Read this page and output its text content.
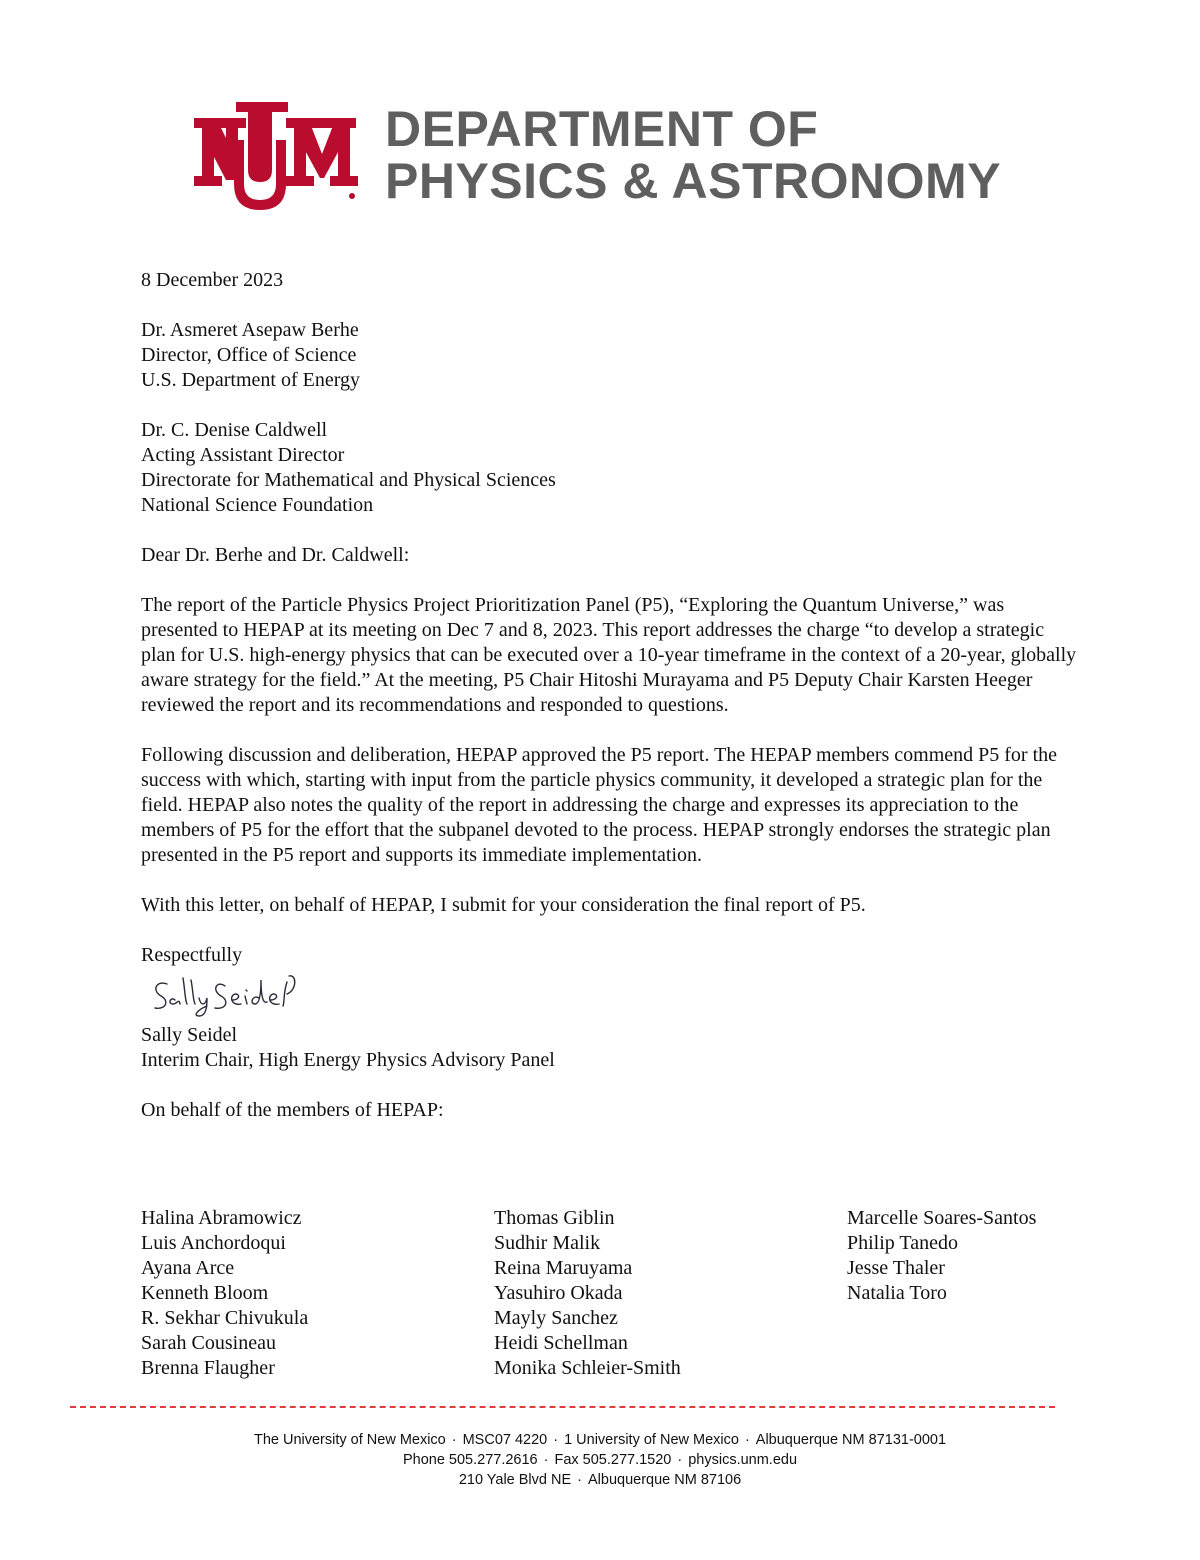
DEPARTMENT OF
PHYSICS & ASTRONOMY

8 December 2023

Dr. Asmeret Asepaw Berhe

Director, Office of Science

U.S. Department of Energy

Dr. C. Denise Caldwell

Acting Assistant Director

Directorate for Mathematical and Physical Sciences

National Science Foundation

Dear Dr. Berhe and Dr. Caldwell:

The report of the Particle Physics Project Prioritization Panel (P5), “Exploring the Quantum Universe,” was presented to HEPAP at its meeting on Dec 7 and 8, 2023. This report addresses the charge “to develop a strategic plan for U.S. high-energy physics that can be executed over a 10-year timeframe in the context of a 20-year, globally aware strategy for the field.” At the meeting, P5 Chair Hitoshi Murayama and P5 Deputy Chair Karsten Heeger reviewed the report and its recommendations and responded to questions.

Following discussion and deliberation, HEPAP approved the P5 report. The HEPAP members commend P5 for the success with which, starting with input from the particle physics community, it developed a strategic plan for the field. HEPAP also notes the quality of the report in addressing the charge and expresses its appreciation to the members of P5 for the effort that the subpanel devoted to the process. HEPAP strongly endorses the strategic plan presented in the P5 report and supports its immediate implementation.

With this letter, on behalf of HEPAP, I submit for your consideration the final report of P5.

Respectfully

Sally Seidel

Interim Chair, High Energy Physics Advisory Panel

On behalf of the members of HEPAP:

Halina Abramowicz
Luis Anchordoqui
Ayana Arce
Kenneth Bloom
R. Sekhar Chivukula
Sarah Cousineau
Brenna Flaugher
Thomas Giblin
Sudhir Malik
Reina Maruyama
Yasuhiro Okada
Mayly Sanchez
Heidi Schellman
Monika Schleier-Smith
Marcelle Soares-Santos
Philip Tanedo
Jesse Thaler
Natalia Toro
The University of New Mexico · MSC07 4220 · 1 University of New Mexico · Albuquerque NM 87131-0001
Phone 505.277.2616 · Fax 505.277.1520 · physics.unm.edu
210 Yale Blvd NE · Albuquerque NM 87106
